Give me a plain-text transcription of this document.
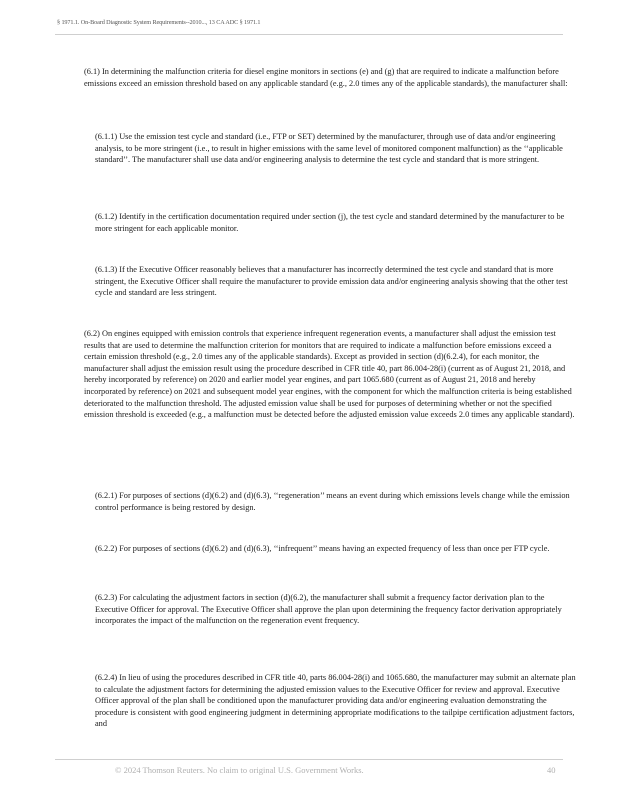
§ 1971.1. On-Board Diagnostic System Requirements--2010..., 13 CA ADC § 1971.1

(6.1) In determining the malfunction criteria for diesel engine monitors in sections (e) and (g) that are required to indicate a malfunction before emissions exceed an emission threshold based on any applicable standard (e.g., 2.0 times any of the applicable standards), the manufacturer shall:

(6.1.1) Use the emission test cycle and standard (i.e., FTP or SET) determined by the manufacturer, through use of data and/or engineering analysis, to be more stringent (i.e., to result in higher emissions with the same level of monitored component malfunction) as the ‘‘applicable standard’’. The manufacturer shall use data and/or engineering analysis to determine the test cycle and standard that is more stringent.

(6.1.2) Identify in the certification documentation required under section (j), the test cycle and standard determined by the manufacturer to be more stringent for each applicable monitor.

(6.1.3) If the Executive Officer reasonably believes that a manufacturer has incorrectly determined the test cycle and standard that is more stringent, the Executive Officer shall require the manufacturer to provide emission data and/or engineering analysis showing that the other test cycle and standard are less stringent.

(6.2) On engines equipped with emission controls that experience infrequent regeneration events, a manufacturer shall adjust the emission test results that are used to determine the malfunction criterion for monitors that are required to indicate a malfunction before emissions exceed a certain emission threshold (e.g., 2.0 times any of the applicable standards). Except as provided in section (d)(6.2.4), for each monitor, the manufacturer shall adjust the emission result using the procedure described in CFR title 40, part 86.004-28(i) (current as of August 21, 2018, and hereby incorporated by reference) on 2020 and earlier model year engines, and part 1065.680 (current as of August 21, 2018 and hereby incorporated by reference) on 2021 and subsequent model year engines, with the component for which the malfunction criteria is being established deteriorated to the malfunction threshold. The adjusted emission value shall be used for purposes of determining whether or not the specified emission threshold is exceeded (e.g., a malfunction must be detected before the adjusted emission value exceeds 2.0 times any applicable standard).

(6.2.1) For purposes of sections (d)(6.2) and (d)(6.3), ‘‘regeneration’’ means an event during which emissions levels change while the emission control performance is being restored by design.

(6.2.2) For purposes of sections (d)(6.2) and (d)(6.3), ‘‘infrequent’’ means having an expected frequency of less than once per FTP cycle.

(6.2.3) For calculating the adjustment factors in section (d)(6.2), the manufacturer shall submit a frequency factor derivation plan to the Executive Officer for approval. The Executive Officer shall approve the plan upon determining the frequency factor derivation appropriately incorporates the impact of the malfunction on the regeneration event frequency.

(6.2.4) In lieu of using the procedures described in CFR title 40, parts 86.004-28(i) and 1065.680, the manufacturer may submit an alternate plan to calculate the adjustment factors for determining the adjusted emission values to the Executive Officer for review and approval. Executive Officer approval of the plan shall be conditioned upon the manufacturer providing data and/or engineering evaluation demonstrating the procedure is consistent with good engineering judgment in determining appropriate modifications to the tailpipe certification adjustment factors, and

© 2024 Thomson Reuters. No claim to original U.S. Government Works.	40
